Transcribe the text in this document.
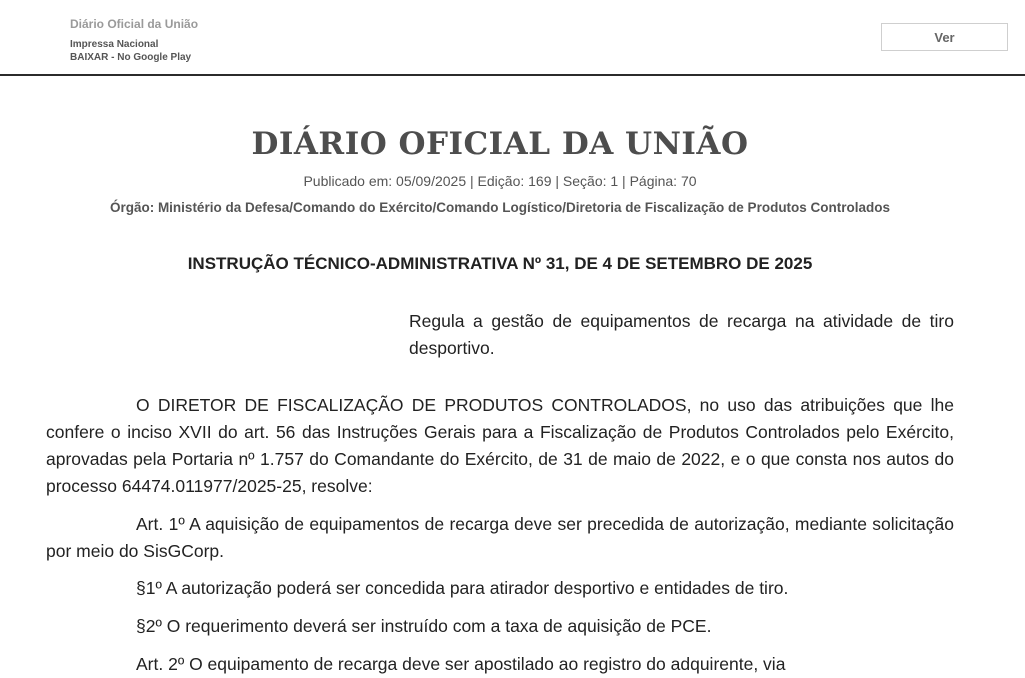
Diário Oficial da União
Impressa Nacional
BAIXAR - No Google Play
Ver
DIÁRIO OFICIAL DA UNIÃO
Publicado em: 05/09/2025 | Edição: 169 | Seção: 1 | Página: 70
Órgão: Ministério da Defesa/Comando do Exército/Comando Logístico/Diretoria de Fiscalização de Produtos Controlados
INSTRUÇÃO TÉCNICO-ADMINISTRATIVA Nº 31, DE 4 DE SETEMBRO DE 2025

Regula a gestão de equipamentos de recarga na atividade de tiro desportivo.

O DIRETOR DE FISCALIZAÇÃO DE PRODUTOS CONTROLADOS, no uso das atribuições que lhe confere o inciso XVII do art. 56 das Instruções Gerais para a Fiscalização de Produtos Controlados pelo Exército, aprovadas pela Portaria nº 1.757 do Comandante do Exército, de 31 de maio de 2022, e o que consta nos autos do processo 64474.011977/2025-25, resolve:

Art. 1º A aquisição de equipamentos de recarga deve ser precedida de autorização, mediante solicitação por meio do SisGCorp.

§1º A autorização poderá ser concedida para atirador desportivo e entidades de tiro.

§2º O requerimento deverá ser instruído com a taxa de aquisição de PCE.

Art. 2º O equipamento de recarga deve ser apostilado ao registro do adquirente, via
